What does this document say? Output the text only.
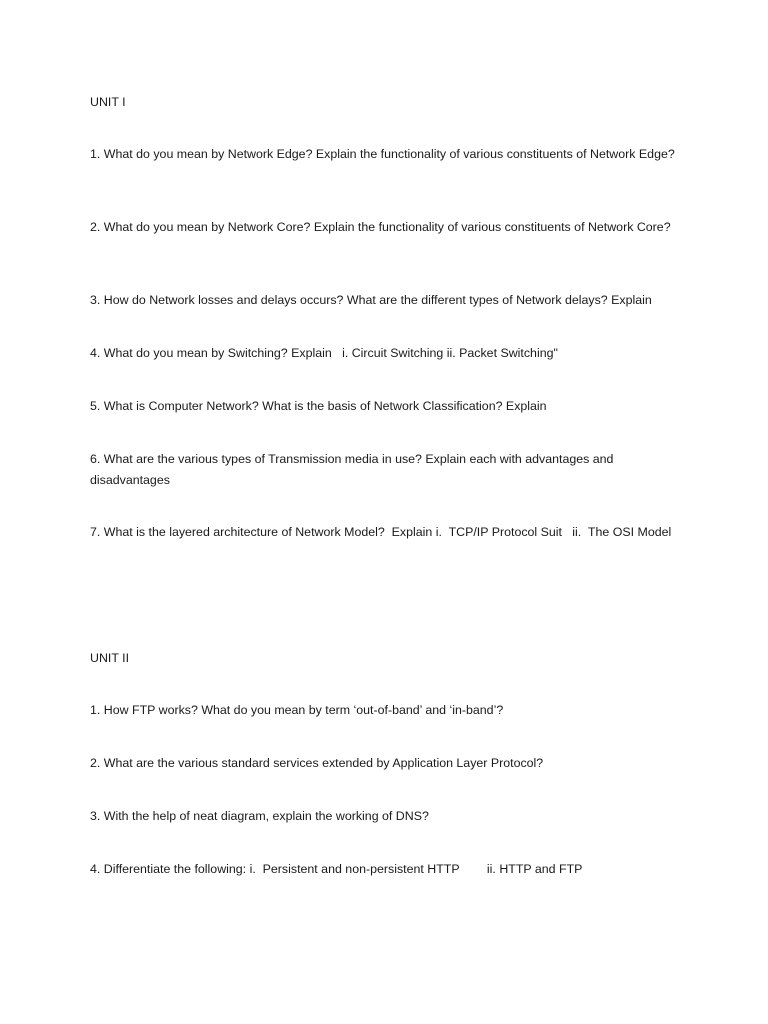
UNIT I

1. What do you mean by Network Edge? Explain the functionality of various constituents of Network Edge?

2. What do you mean by Network Core? Explain the functionality of various constituents of Network Core?

3. How do Network losses and delays occurs? What are the different types of Network delays? Explain

4. What do you mean by Switching? Explain   i. Circuit Switching ii. Packet Switching"

5. What is Computer Network? What is the basis of Network Classification? Explain

6. What are the various types of Transmission media in use? Explain each with advantages and disadvantages

7. What is the layered architecture of Network Model?  Explain i.  TCP/IP Protocol Suit   ii.  The OSI Model

UNIT II

1. How FTP works? What do you mean by term ‘out-of-band’ and ‘in-band’?

2. What are the various standard services extended by Application Layer Protocol?

3. With the help of neat diagram, explain the working of DNS?

4. Differentiate the following: i.  Persistent and non-persistent HTTP        ii. HTTP and FTP
